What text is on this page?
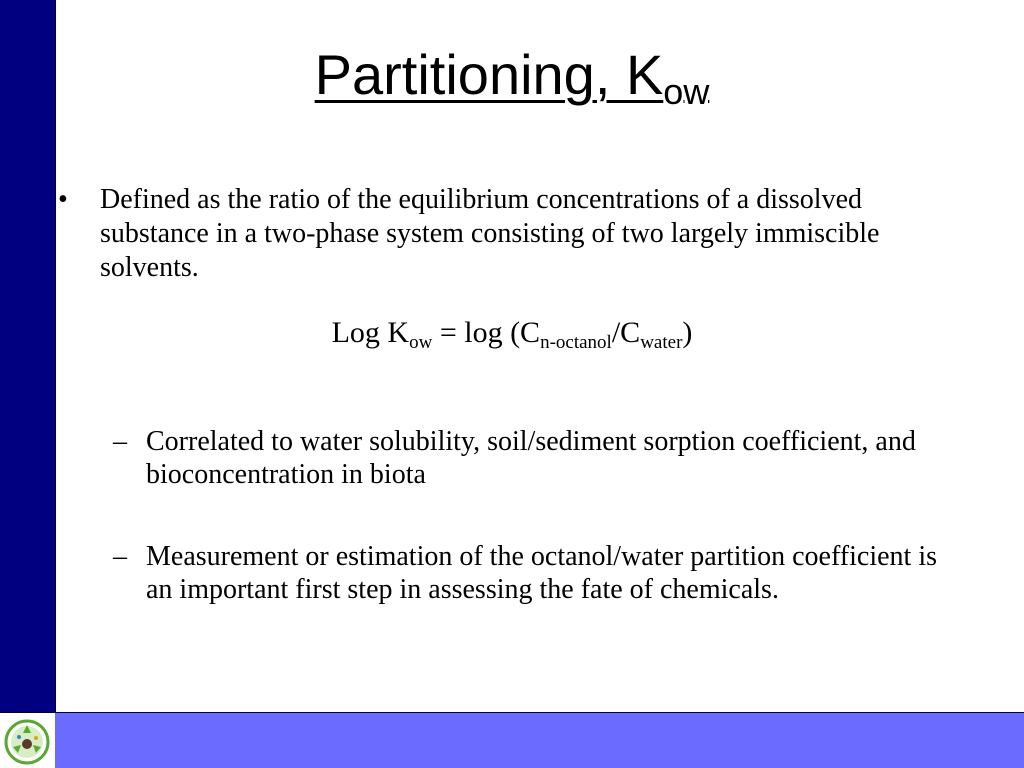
Partitioning, $K_{ow}$
• Defined as the ratio of the equilibrium concentrations of a dissolved substance in a two-phase system consisting of two largely immiscible solvents.

Log $K_{ow} = \log (C_{n-octanol}/C_{water})$
– Correlated to water solubility, soil/sediment sorption coefficient, and bioconcentration in biota

– Measurement or estimation of the octanol/water partition coefficient is an important first step in assessing the fate of chemicals.
